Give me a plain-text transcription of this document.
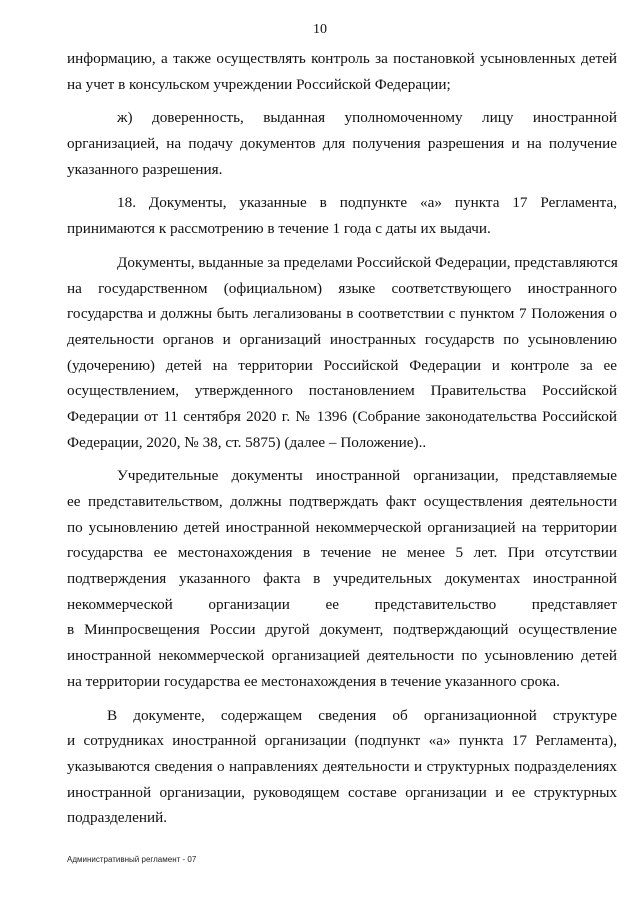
10
информацию, а также осуществлять контроль за постановкой усыновленных детей
на учет в консульском учреждении Российской Федерации;
ж) доверенность, выданная уполномоченному лицу иностранной
организацией, на подачу документов для получения разрешения и на получение
указанного разрешения.
18. Документы, указанные в подпункте «а» пункта 17 Регламента,
принимаются к рассмотрению в течение 1 года с даты их выдачи.
Документы, выданные за пределами Российской Федерации, представляются
на государственном (официальном) языке соответствующего иностранного
государства и должны быть легализованы в соответствии с пунктом 7 Положения о
деятельности органов и организаций иностранных государств по усыновлению
(удочерению) детей на территории Российской Федерации и контроле за ее
осуществлением, утвержденного постановлением Правительства Российской
Федерации от 11 сентября 2020 г. № 1396 (Собрание законодательства Российской
Федерации, 2020, № 38, ст. 5875) (далее – Положение)..
Учредительные документы иностранной организации, представляемые
ее представительством, должны подтверждать факт осуществления деятельности
по усыновлению детей иностранной некоммерческой организацией на территории
государства ее местонахождения в течение не менее 5 лет. При отсутствии
подтверждения указанного факта в учредительных документах иностранной
некоммерческой организации ее представительство представляет
в Минпросвещения России другой документ, подтверждающий осуществление
иностранной некоммерческой организацией деятельности по усыновлению детей
на территории государства ее местонахождения в течение указанного срока.
В документе, содержащем сведения об организационной структуре
и сотрудниках иностранной организации (подпункт «а» пункта 17 Регламента),
указываются сведения о направлениях деятельности и структурных подразделениях
иностранной организации, руководящем составе организации и ее структурных
подразделений.
Административный регламент - 07
